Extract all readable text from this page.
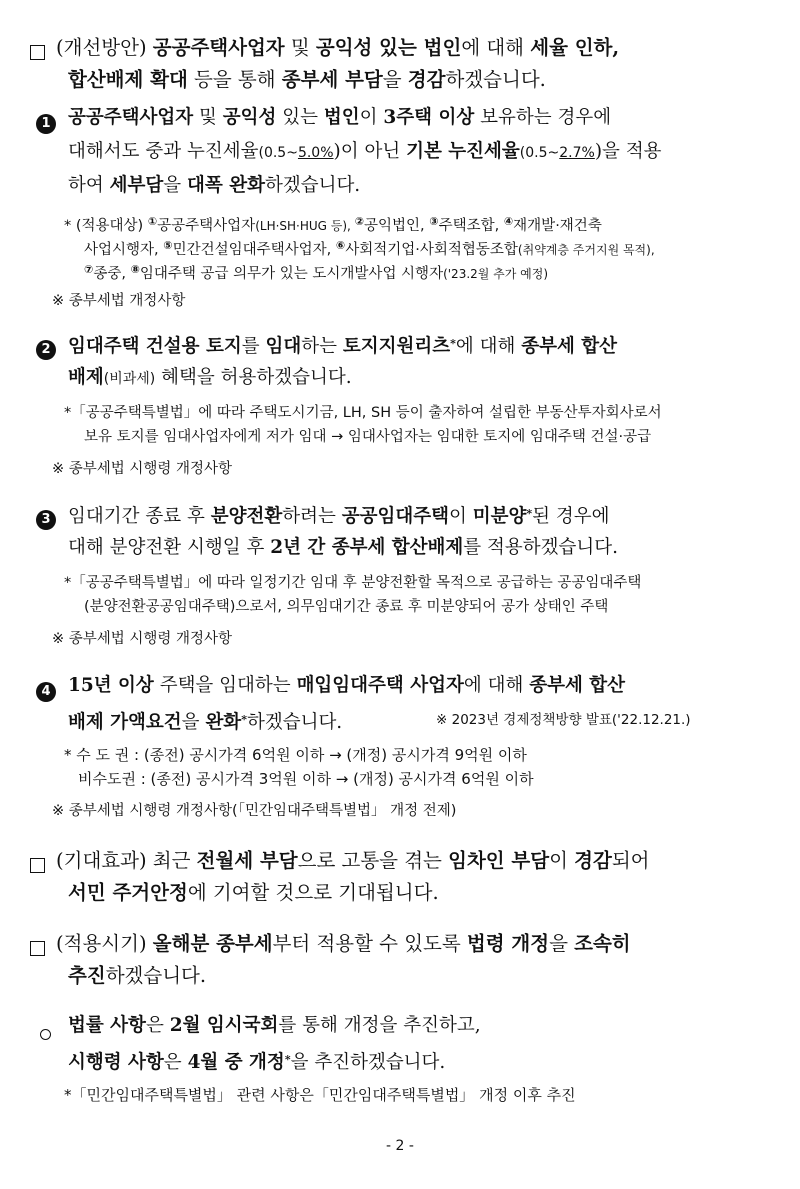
(개선방안) 공공주택사업자 및 공익성 있는 법인에 대해 세율 인하,
합산배제 확대 등을 통해 종부세 부담을 경감하겠습니다.
1 공공주택사업자 및 공익성 있는 법인이 3주택 이상 보유하는 경우에
대해서도 중과 누진세율(0.5~5.0%)이 아닌 기본 누진세율(0.5~2.7%)을 적용
하여 세부담을 대폭 완화하겠습니다.
* (적용대상) ①공공주택사업자(LH·SH·HUG 등), ②공익법인, ③주택조합, ④재개발·재건축
사업시행자, ⑤민간건설임대주택사업자, ⑥사회적기업·사회적협동조합(취약계층 주거지원 목적),
⑦종중, ⑧임대주택 공급 의무가 있는 도시개발사업 시행자('23.2월 추가 예정)
※ 종부세법 개정사항
2 임대주택 건설용 토지를 임대하는 토지지원리츠*에 대해 종부세 합산
배제(비과세) 혜택을 허용하겠습니다.
*「공공주택특별법」에 따라 주택도시기금, LH, SH 등이 출자하여 설립한 부동산투자회사로서
보유 토지를 임대사업자에게 저가 임대 → 임대사업자는 임대한 토지에 임대주택 건설·공급
※ 종부세법 시행령 개정사항
3 임대기간 종료 후 분양전환하려는 공공임대주택이 미분양*된 경우에
대해 분양전환 시행일 후 2년 간 종부세 합산배제를 적용하겠습니다.
*「공공주택특별법」에 따라 일정기간 임대 후 분양전환할 목적으로 공급하는 공공임대주택
(분양전환공공임대주택)으로서, 의무임대기간 종료 후 미분양되어 공가 상태인 주택
※ 종부세법 시행령 개정사항
4 15년 이상 주택을 임대하는 매입임대주택 사업자에 대해 종부세 합산
배제 가액요건을 완화*하겠습니다.	※ 2023년 경제정책방향 발표('22.12.21.)
* 수 도 권 : (종전) 공시가격 6억원 이하 → (개정) 공시가격 9억원 이하
비수도권 : (종전) 공시가격 3억원 이하 → (개정) 공시가격 6억원 이하
※ 종부세법 시행령 개정사항(「민간임대주택특별법」 개정 전제)
(기대효과) 최근 전월세 부담으로 고통을 겪는 임차인 부담이 경감되어
서민 주거안정에 기여할 것으로 기대됩니다.
(적용시기) 올해분 종부세부터 적용할 수 있도록 법령 개정을 조속히
추진하겠습니다.
법률 사항은 2월 임시국회를 통해 개정을 추진하고,
시행령 사항은 4월 중 개정*을 추진하겠습니다.
*「민간임대주택특별법」 관련 사항은「민간임대주택특별법」 개정 이후 추진
- 2 -
